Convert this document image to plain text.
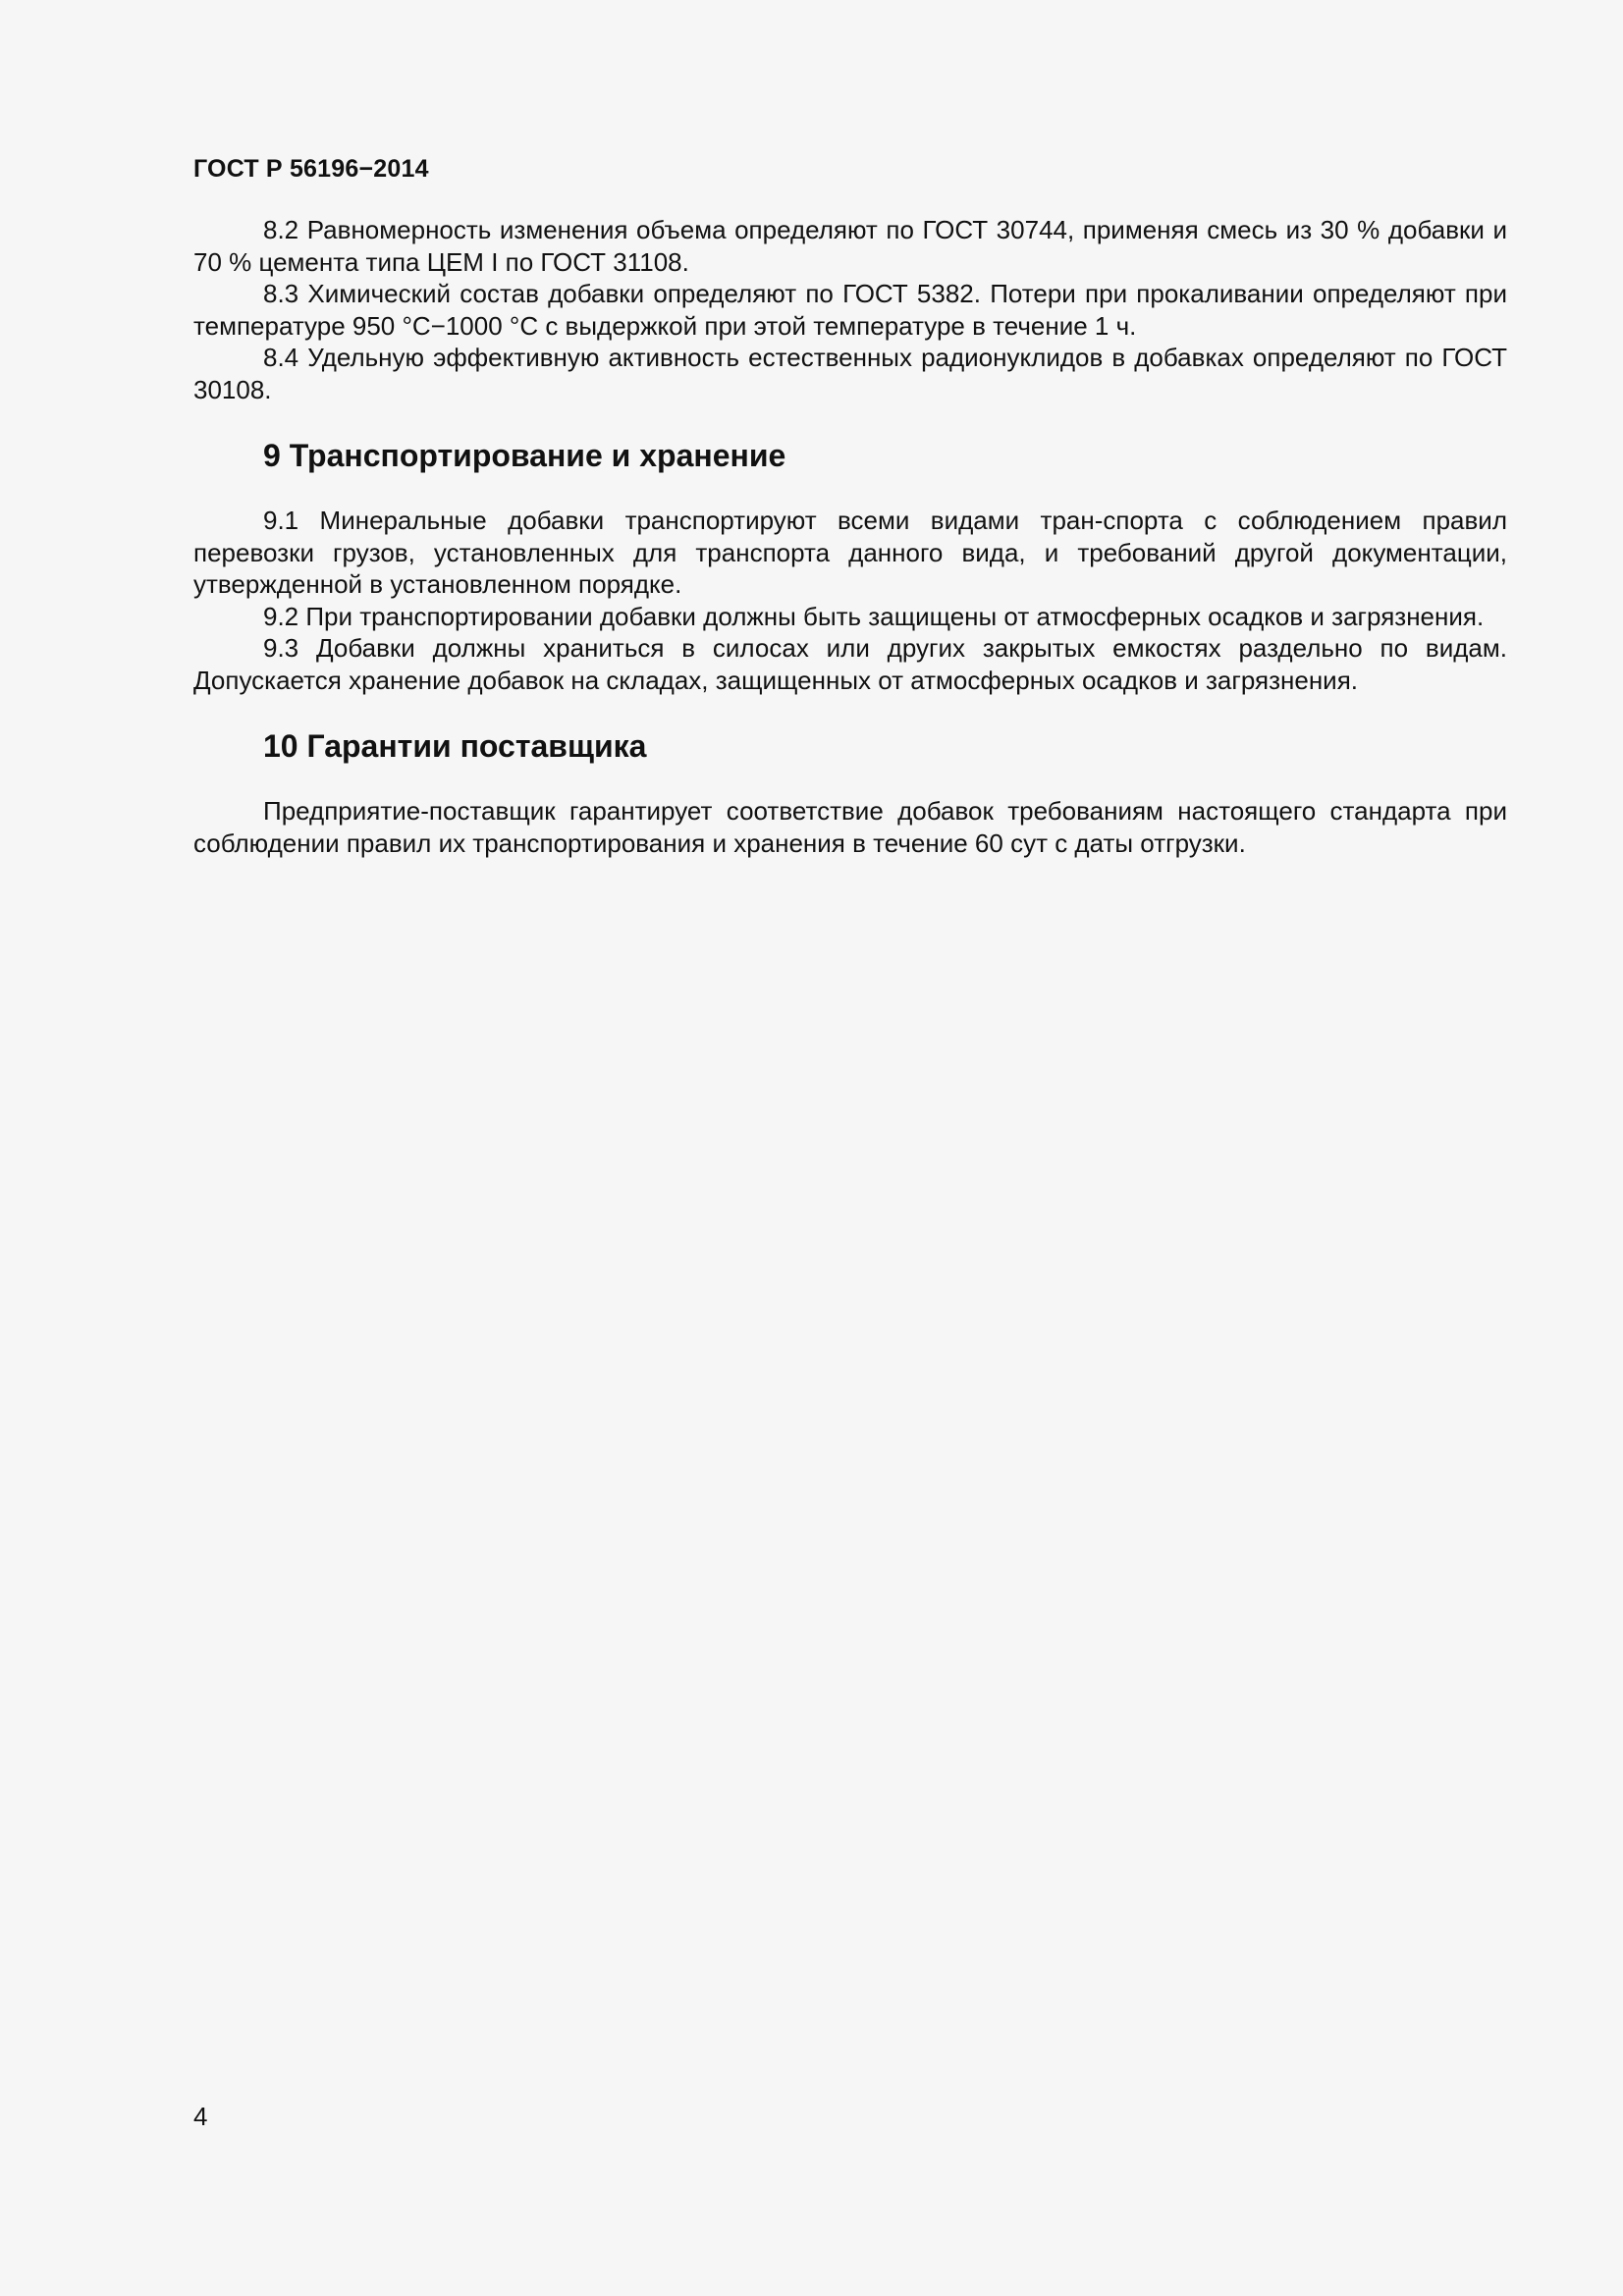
ГОСТ Р 56196−2014

8.2 Равномерность изменения объема определяют по ГОСТ 30744, применяя смесь из 30 % добавки и 70 % цемента типа ЦЕМ I по ГОСТ 31108.

8.3 Химический состав добавки определяют по ГОСТ 5382. Потери при прокаливании определяют при температуре 950 °С−1000 °С с выдержкой при этой температуре в течение 1 ч.

8.4 Удельную эффективную активность естественных радионуклидов в добавках определяют по ГОСТ 30108.

9 Транспортирование и хранение

9.1 Минеральные добавки транспортируют всеми видами тран-спорта с соблюдением правил перевозки грузов, установленных для транспорта данного вида, и требований другой документации, утвержденной в установленном порядке.

9.2 При транспортировании добавки должны быть защищены от атмосферных осадков и загрязнения.

9.3 Добавки должны храниться в силосах или других закрытых емкостях раздельно по видам. Допускается хранение добавок на складах, защищенных от атмосферных осадков и загрязнения.

10 Гарантии поставщика

Предприятие-поставщик гарантирует соответствие добавок требованиям настоящего стандарта при соблюдении правил их транспортирования и хранения в течение 60 сут с даты отгрузки.

4
